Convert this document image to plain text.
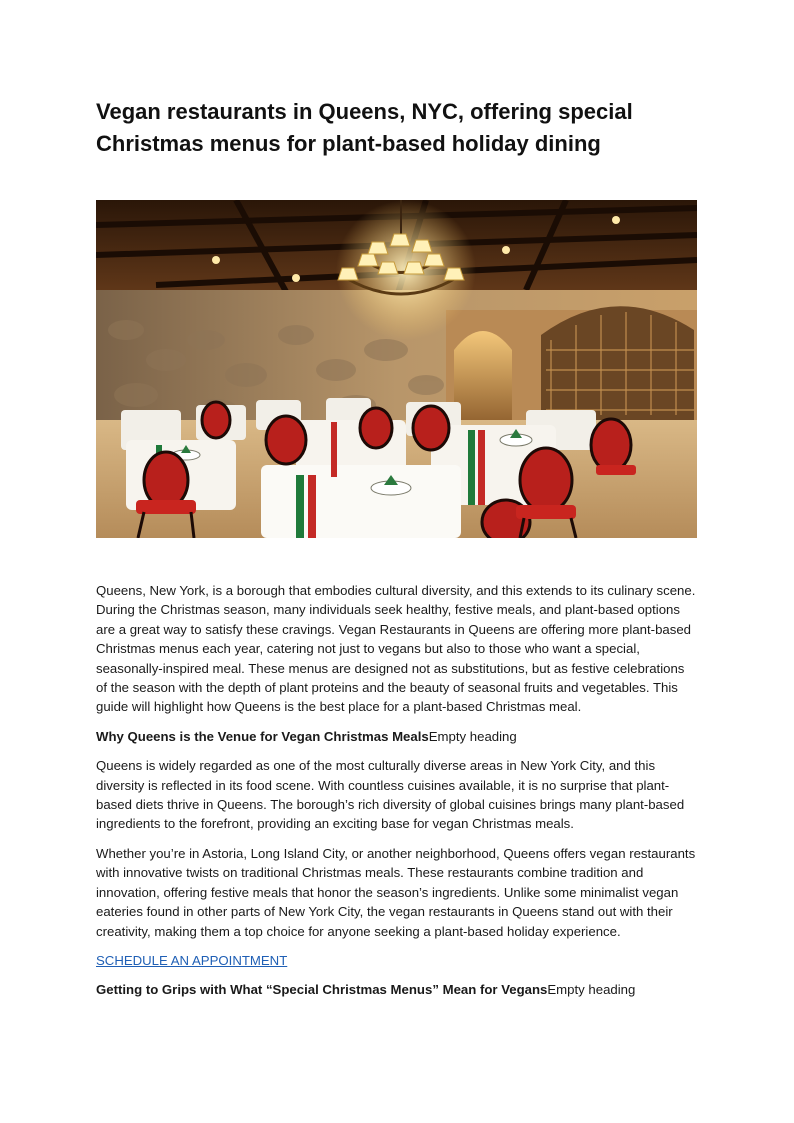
Vegan restaurants in Queens, NYC, offering special Christmas menus for plant-based holiday dining

Queens, New York, is a borough that embodies cultural diversity, and this extends to its culinary scene. During the Christmas season, many individuals seek healthy, festive meals, and plant-based options are a great way to satisfy these cravings. Vegan Restaurants in Queens are offering more plant-based Christmas menus each year, catering not just to vegans but also to those who want a special, seasonally-inspired meal. These menus are designed not as substitutions, but as festive celebrations of the season with the depth of plant proteins and the beauty of seasonal fruits and vegetables. This guide will highlight how Queens is the best place for a plant-based Christmas meal.

Why Queens is the Venue for Vegan Christmas MealsEmpty heading

Queens is widely regarded as one of the most culturally diverse areas in New York City, and this diversity is reflected in its food scene. With countless cuisines available, it is no surprise that plant-based diets thrive in Queens. The borough’s rich diversity of global cuisines brings many plant-based ingredients to the forefront, providing an exciting base for vegan Christmas meals.

Whether you’re in Astoria, Long Island City, or another neighborhood, Queens offers vegan restaurants with innovative twists on traditional Christmas meals. These restaurants combine tradition and innovation, offering festive meals that honor the season’s ingredients. Unlike some minimalist vegan eateries found in other parts of New York City, the vegan restaurants in Queens stand out with their creativity, making them a top choice for anyone seeking a plant-based holiday experience.

SCHEDULE AN APPOINTMENT

Getting to Grips with What “Special Christmas Menus” Mean for VegansEmpty heading
